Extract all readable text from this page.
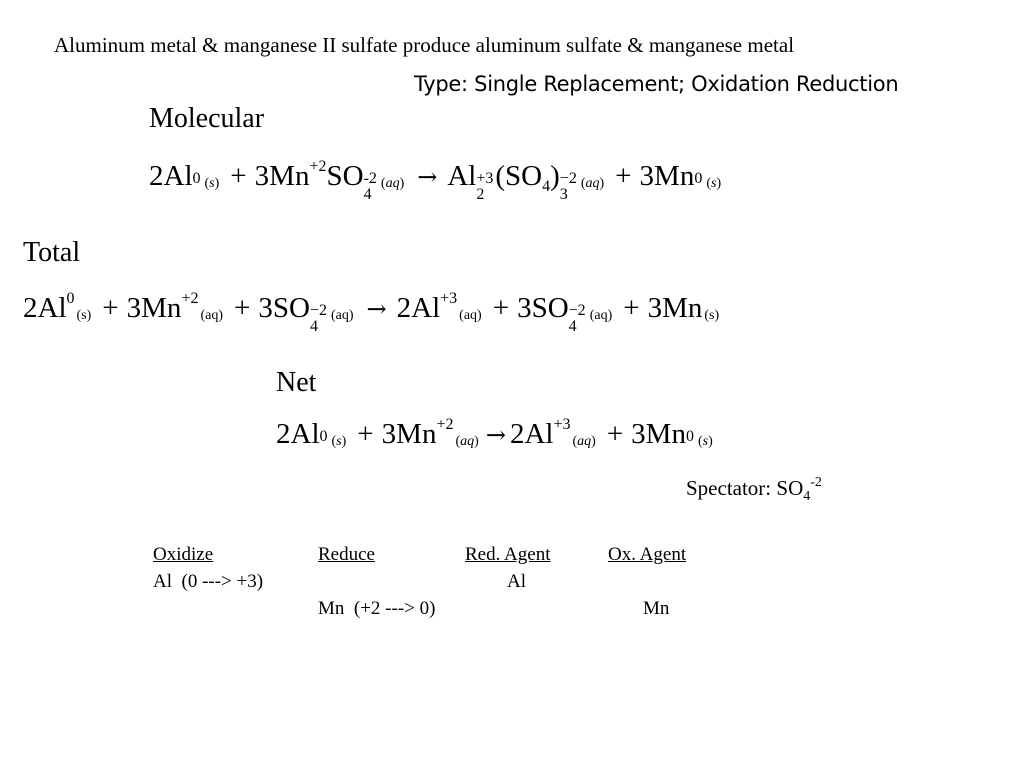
Aluminum metal & manganese II sulfate produce aluminum sulfate & manganese metal
Type: Single Replacement; Oxidation Reduction
Molecular
2Al 0 (s) + 3Mn +2 SO -2
4
(aq) → Al +3
2
( SO 4 ) −2
3
(aq) + 3Mn 0 (s)
Total
2Al 0
(s) + 3Mn +2
(aq) + 3SO −2
4
(aq) → 2Al +3
(aq) + 3SO −2
4
(aq) + 3Mn (s)
Net
2Al 0 (s) + 3Mn +2
(aq) → 2Al +3
(aq) + 3Mn 0 (s)
Spectator: $SO_4^{-2}$
Oxidize	Reduce	Red. Agent	Ox. Agent
Al  (0 ---> +3)		Al	
	Mn  (+2 ---> 0)		Mn
